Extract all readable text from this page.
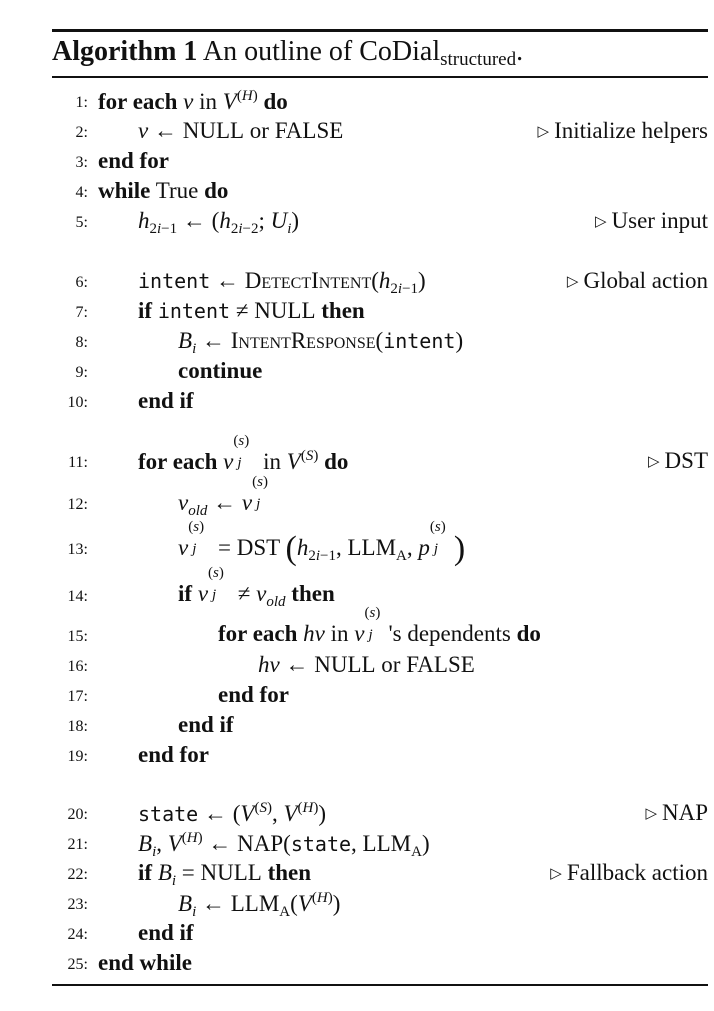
Algorithm 1 An outline of CoDial$_{structured}$.
1: for each v in $V^{(H)}$ do
2: v ← NULL or FALSE	▷ Initialize helpers
3: end for
4: while True do
5: $h_{2i-1}$ ← ($h_{2i-2}$; $U_i$)	▷ User input
6:	intent ← $DetectIntent(h_{2i-1})$	▷ Global action
7: if intent ≠ NULL then
8:	$B_i$ ← IntentResponse(intent)
9:	continue
10: end if
11: for each v
(s)
j in $V^{(S)}$ do	▷ DST
12:	$v_{old}$ ← v
(s)
j
13:	v
(s)
j = DST ($h_{2i-1}$, $LLM_A$, p
(s)
j )
14:	if v
(s)
$j \ne v_{old}$ then
15:	for each hv in v
(s)
j 's dependents do
16:	hv ← NULL or FALSE
17:	end for
18:	end if
19: end for
20:	state ← ($V^{(S)}$, $V^{(H)}$)	▷ NAP
21: $B_i$, $V^{(H)}$ ← NAP(state, $LLM_A$)
22: if $B_i$ = NULL then	▷ Fallback action
23:	$B_i$ ← $LLM_A(V^{(H)})$
24: end if
25: end while
